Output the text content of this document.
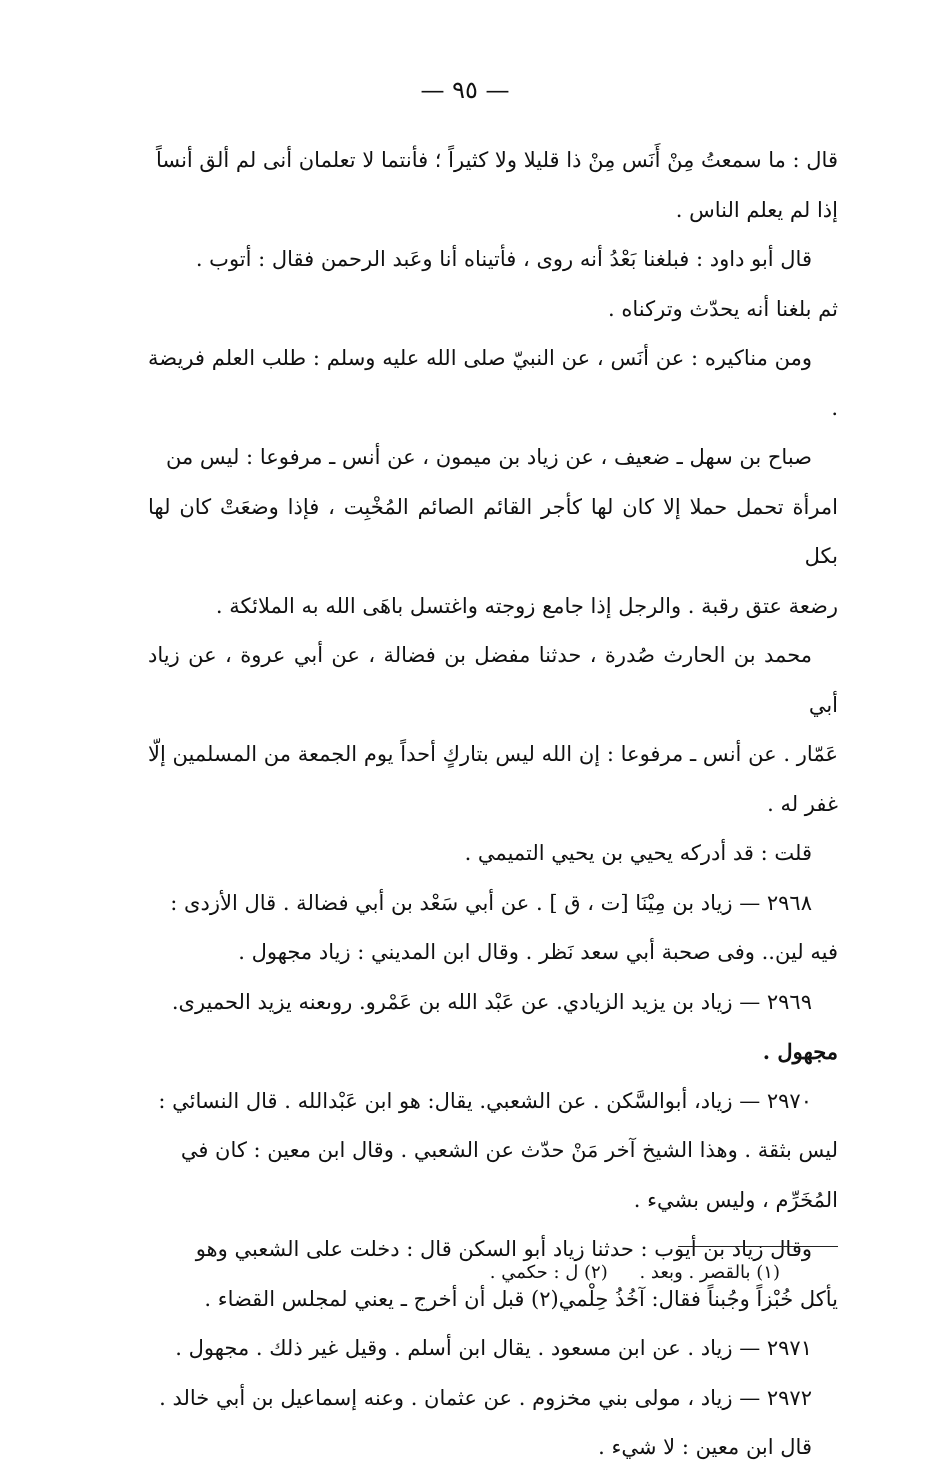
— ٩٥ —

قال : ما سمعتُ مِنْ أَنَس مِنْ ذا قليلا ولا كثيراً ؛ فأنتما لا تعلمان أنى لم ألق أنساً

إذا لم يعلم الناس .

قال أبو داود : فبلغنا بَعْدُ أنه روى ، فأتيناه أنا وعَبد الرحمن فقال : أتوب .

ثم بلغنا أنه يحدّث وتركناه .

ومن مناكيره : عن أنَس ، عن النبيّ صلى الله عليه وسلم : طلب العلم فريضة .

صباح بن سهل ـ ضعيف ، عن زياد بن ميمون ، عن أنس ـ مرفوعا : ليس من

امرأة تحمل حملا إلا كان لها كأجر القائم الصائم المُخْبِت ، فإذا وضعَتْ كان لها بكل

رضعة عتق رقبة . والرجل إذا جامع زوجته واغتسل باهَى الله به الملائكة .

محمد بن الحارث صُدرة ، حدثنا مفضل بن فضالة ، عن أبي عروة ، عن زياد أبي

عَمّار . عن أنس ـ مرفوعا : إن الله ليس بتاركٍ أحداً يوم الجمعة من المسلمين إلّا غفر له .

قلت : قد أدركه يحيي بن يحيي التميمي .

٢٩٦٨ — زياد بن مِيْنَا [ت ، ق ] . عن أبي سَعْد بن أبي فضالة . قال الأزدى :

فيه لين.. وفى صحبة أبي سعد نَظر . وقال ابن المديني : زياد مجهول .

٢٩٦٩ — زياد بن يزيد الزيادي. عن عَبْد الله بن عَمْرو. روىعنه يزيد الحميرى.

مجهول .

٢٩٧٠ — زياد، أبوالسَّكن . عن الشعبي. يقال: هو ابن عَبْدالله . قال النسائي :

ليس بثقة . وهذا الشيخ آخر مَنْ حدّث عن الشعبي . وقال ابن معين : كان في

المُخَرِّم ، وليس بشيء .

وقال زياد بن أيوب : حدثنا زياد أبو السكن قال : دخلت على الشعبي وهو

يأكل خُبْزاً وجُبناً فقال: آخُذُ حِلْمي(٢) قبل أن أخرج ـ يعني لمجلس القضاء .

٢٩٧١ — زياد . عن ابن مسعود . يقال ابن أسلم . وقيل غير ذلك . مجهول .

٢٩٧٢ — زياد ، مولى بني مخزوم . عن عثمان . وعنه إسماعيل بن أبي خالد .

قال ابن معين : لا شيء .

(١) بالقصر . وبعد . (٢) ل : حكمي .
